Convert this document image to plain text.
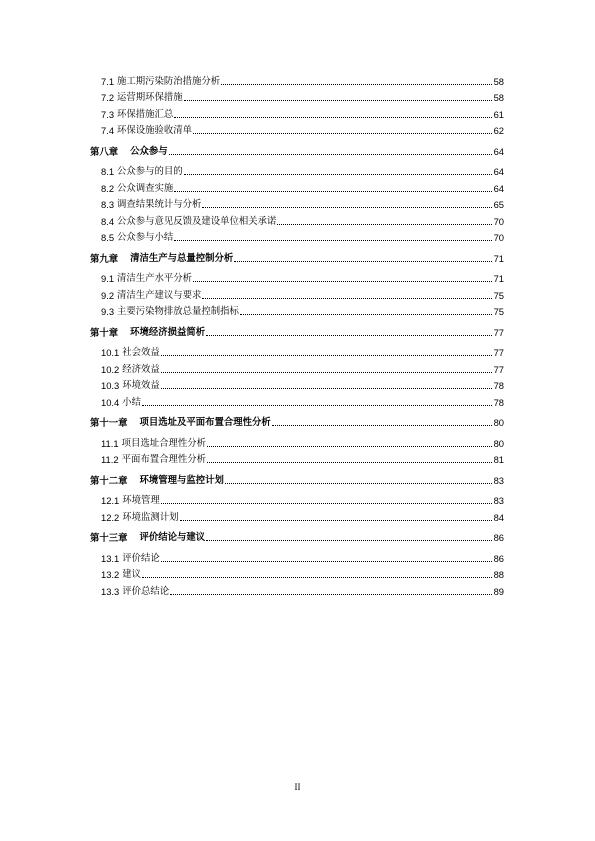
7.1 施工期污染防治措施分析	58
7.2 运营期环保措施	58
7.3 环保措施汇总	61
7.4 环保设施验收清单	62
第八章 公众参与	64
8.1 公众参与的目的	64
8.2 公众调查实施	64
8.3 调查结果统计与分析	65
8.4 公众参与意见反馈及建设单位相关承诺	70
8.5 公众参与小结	70
第九章 清洁生产与总量控制分析	71
9.1 清洁生产水平分析	71
9.2 清洁生产建议与要求	75
9.3 主要污染物排放总量控制指标	75
第十章 环境经济损益简析	77
10.1 社会效益	77
10.2 经济效益	77
10.3 环境效益	78
10.4 小结	78
第十一章 项目选址及平面布置合理性分析	80
11.1 项目选址合理性分析	80
11.2 平面布置合理性分析	81
第十二章 环境管理与监控计划	83
12.1 环境管理	83
12.2 环境监测计划	84
第十三章 评价结论与建议	86
13.1 评价结论	86
13.2 建议	88
13.3 评价总结论	89
II
